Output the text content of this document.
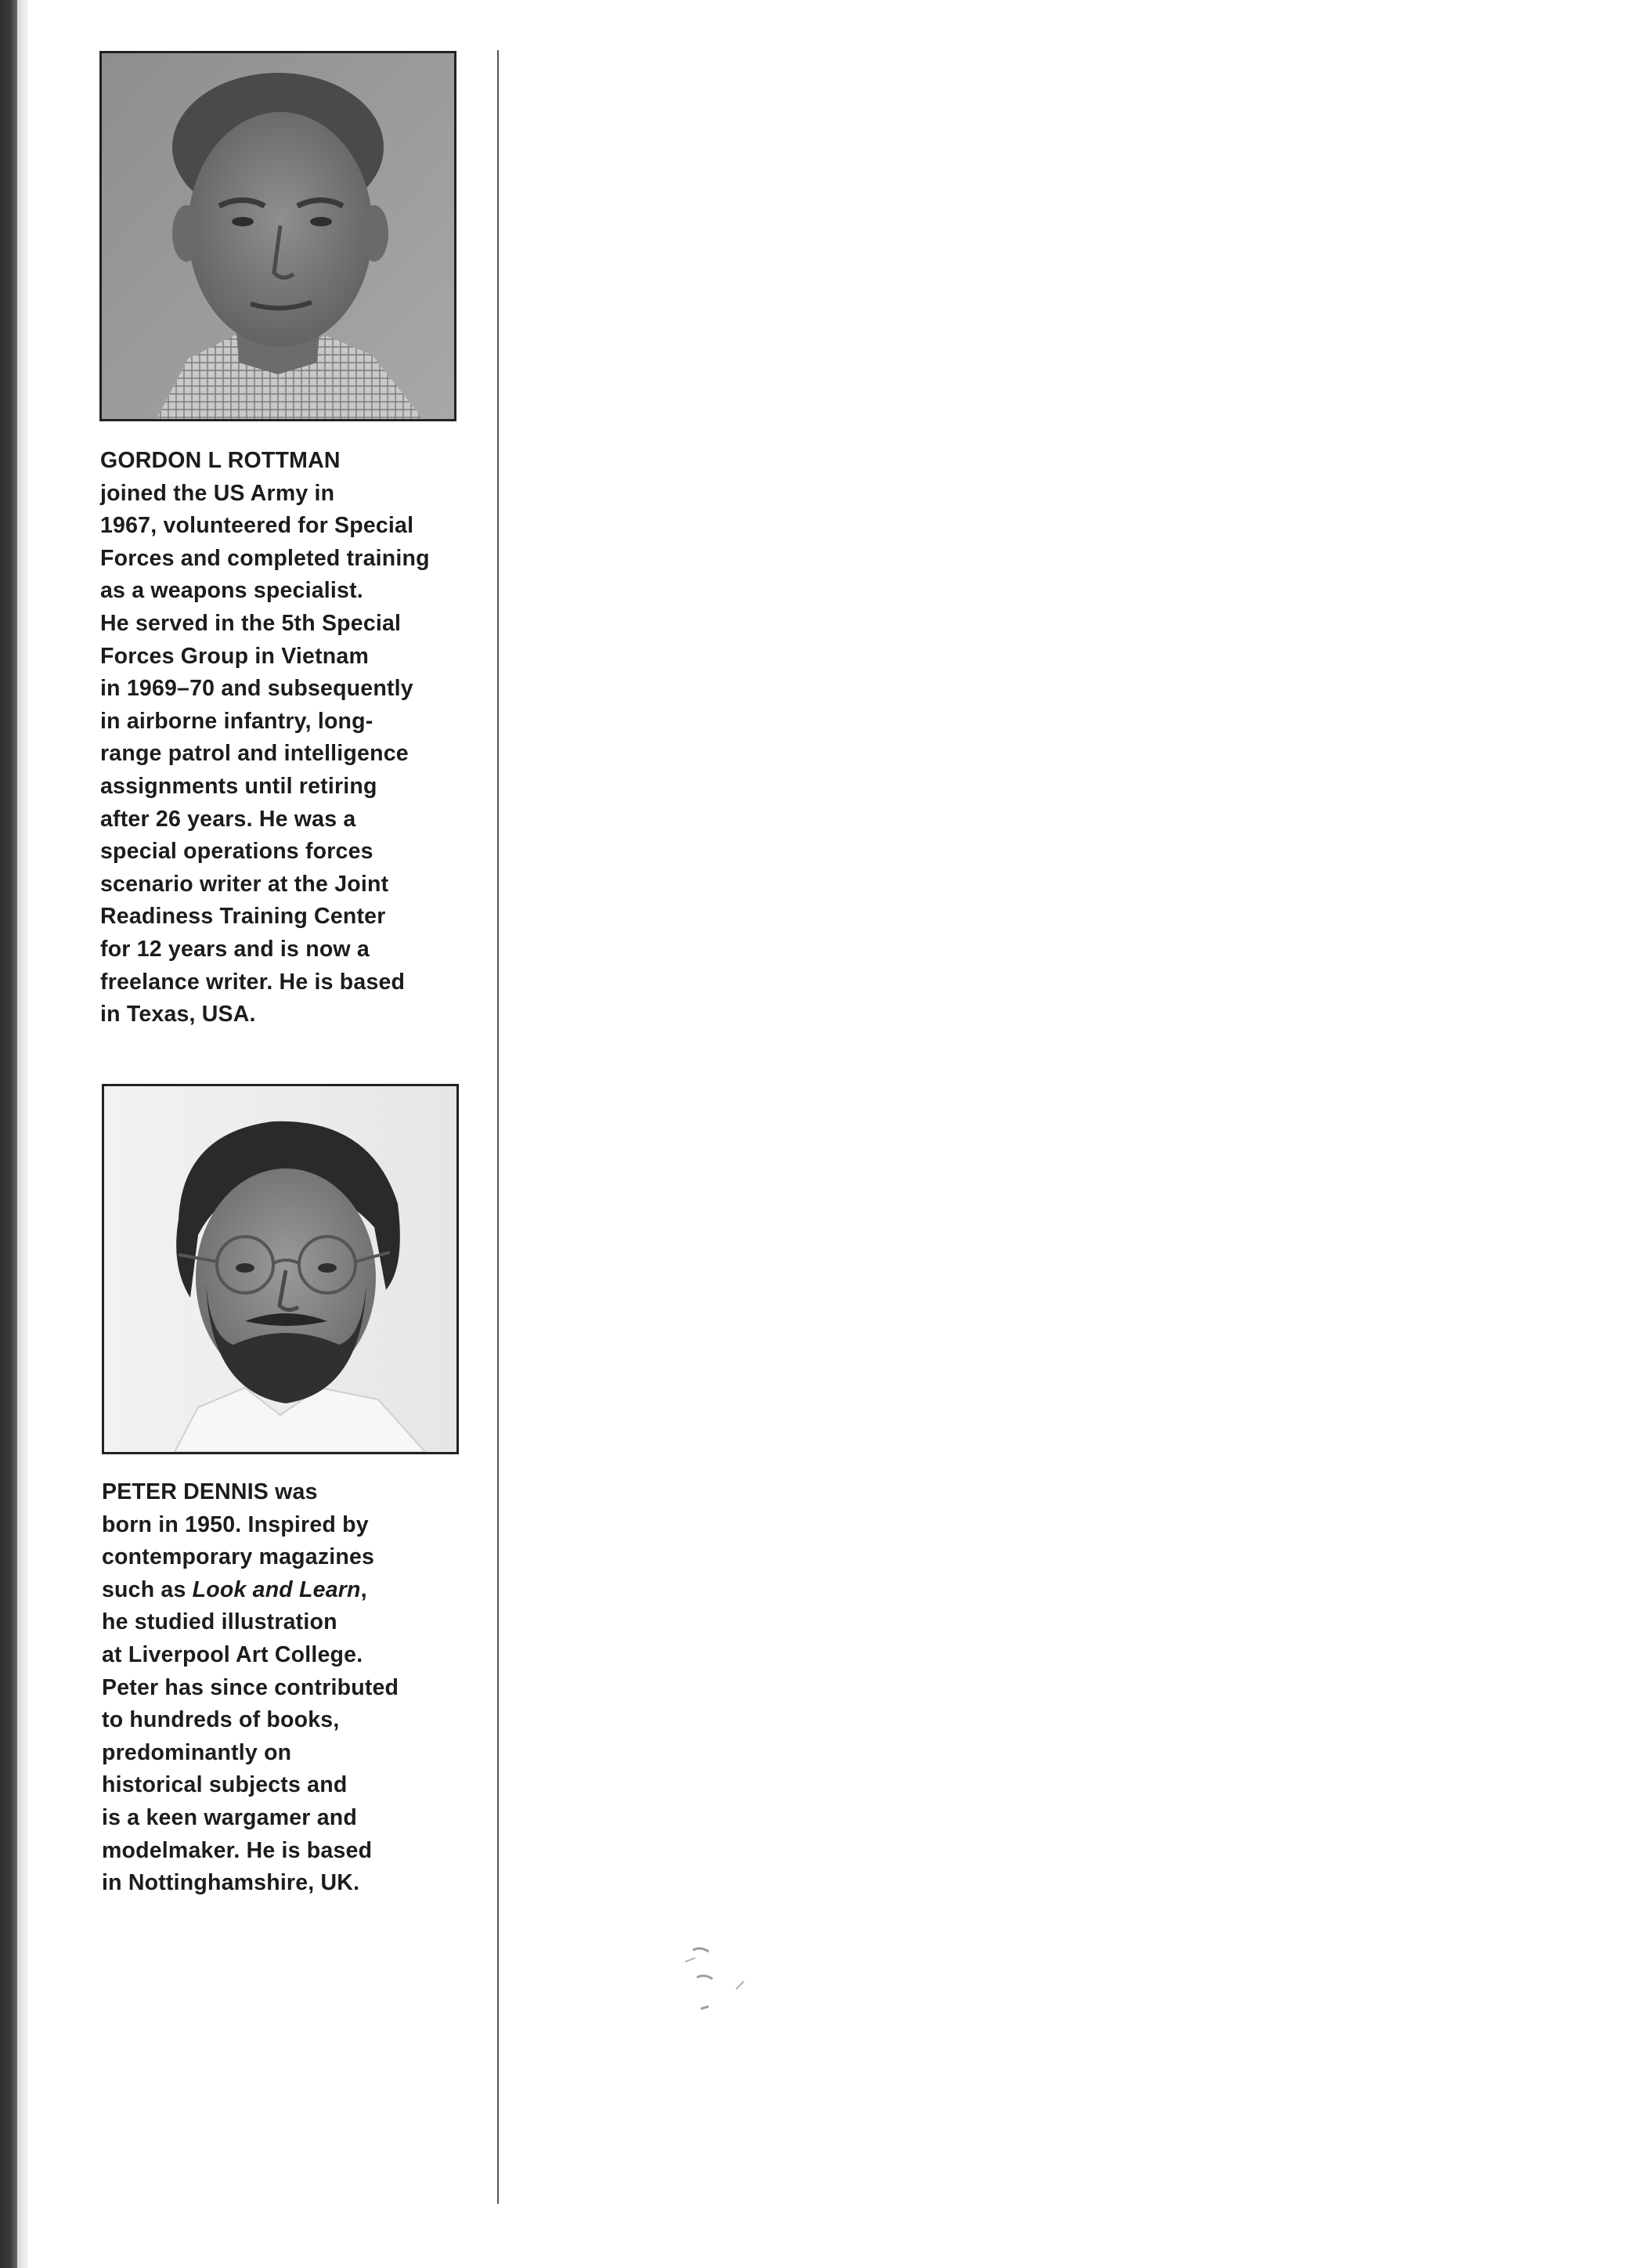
GORDON L ROTTMAN
joined the US Army in
1967, volunteered for Special
Forces and completed training
as a weapons specialist.
He served in the 5th Special
Forces Group in Vietnam
in 1969–70 and subsequently
in airborne infantry, long-
range patrol and intelligence
assignments until retiring
after 26 years. He was a
special operations forces
scenario writer at the Joint
Readiness Training Center
for 12 years and is now a
freelance writer. He is based
in Texas, USA.
PETER DENNIS was
born in 1950. Inspired by
contemporary magazines
such as Look and Learn,
he studied illustration
at Liverpool Art College.
Peter has since contributed
to hundreds of books,
predominantly on
historical subjects and
is a keen wargamer and
modelmaker. He is based
in Nottinghamshire, UK.
